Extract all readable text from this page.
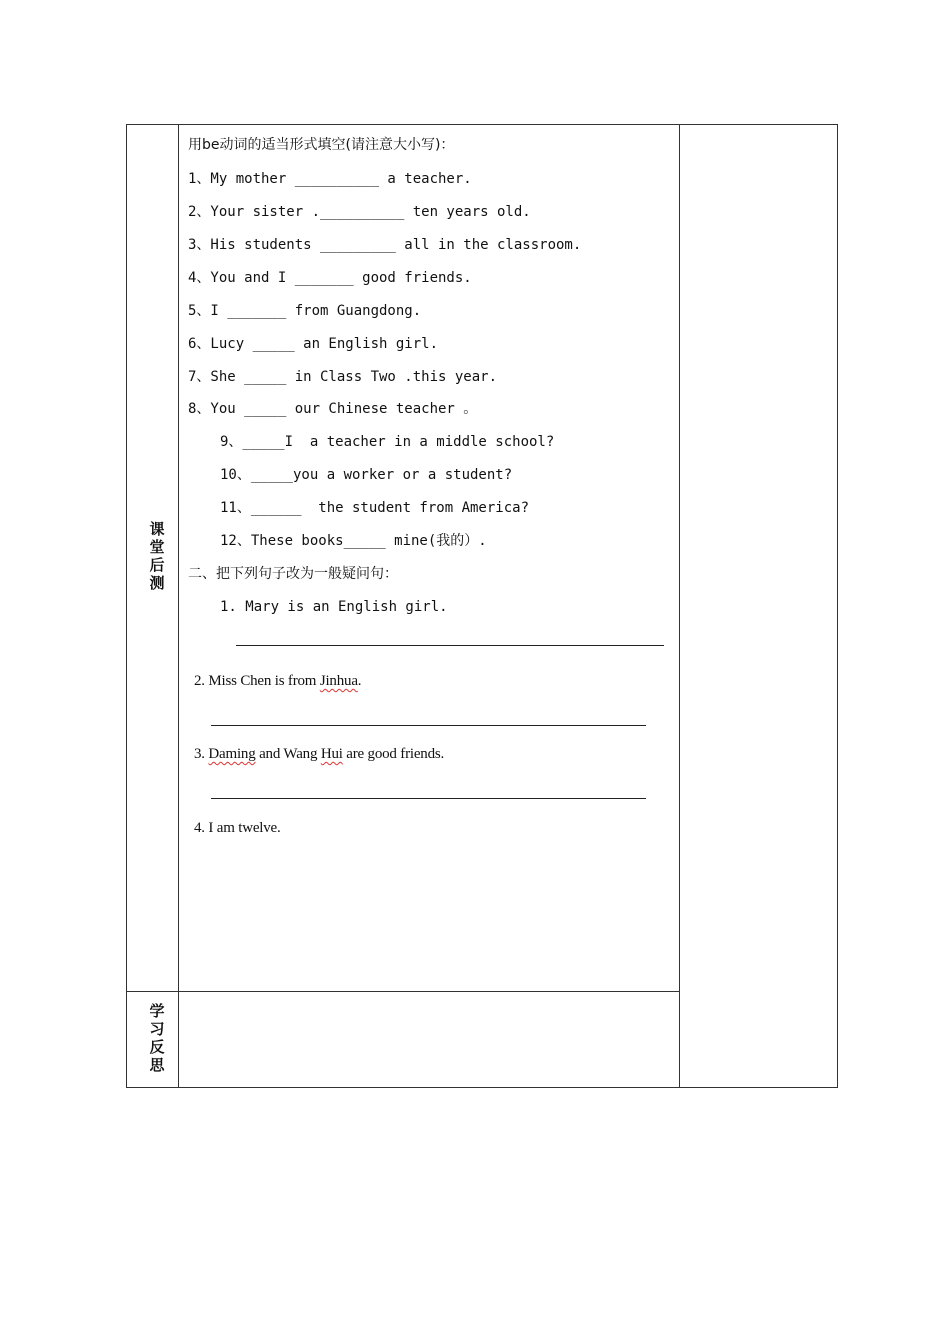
课
堂
后
测
学
习
反
思
用be动词的适当形式填空(请注意大小写)：
1、My mother __________ a teacher.
2、Your sister .__________ ten years old.
3、His students _________ all in the classroom.
4、You and I _______ good friends.
5、I _______ from Guangdong.
6、Lucy _____ an English girl.
7、She _____ in Class Two .this year.
8、You _____ our Chinese teacher 。
9、_____I  a teacher in a middle school?
10、_____you a worker or a student?
11、______  the student from America?
12、These books_____ mine(我的）.
二、把下列句子改为一般疑问句：
1. Mary is an English girl.
2. Miss Chen is from Jinhua.
3. Daming and Wang Hui are good friends.
4. I am twelve.
